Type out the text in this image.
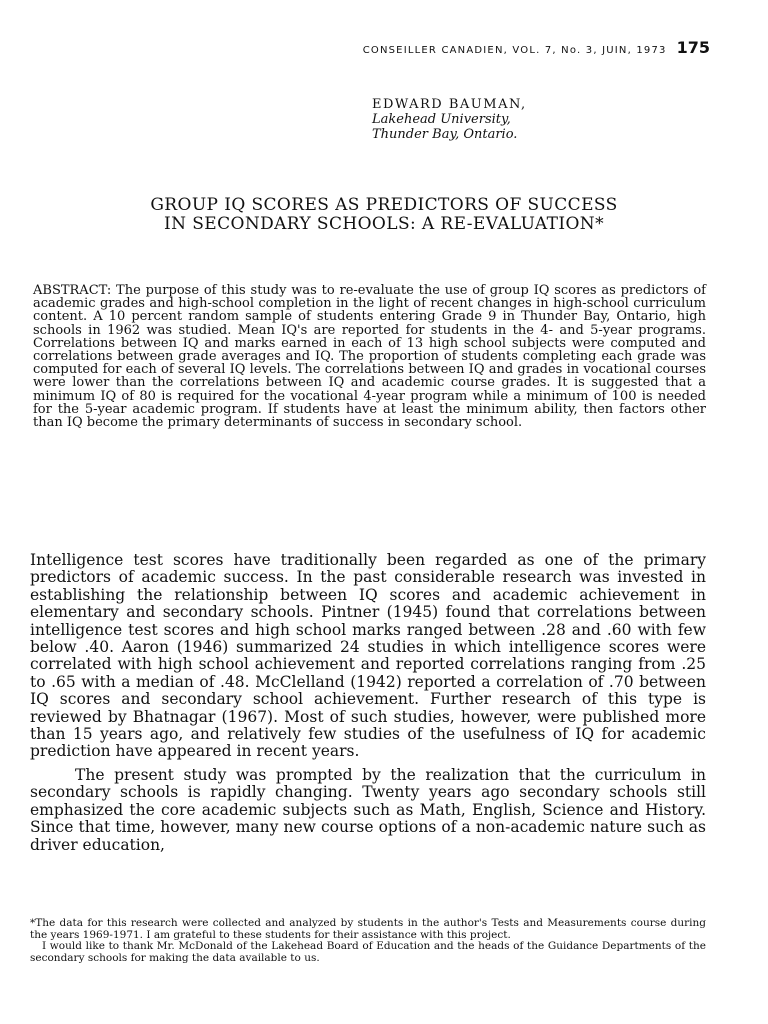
CONSEILLER CANADIEN, VOL. 7, No. 3, JUIN, 1973 175
EDWARD BAUMAN,
Lakehead University,
Thunder Bay, Ontario.
GROUP IQ SCORES AS PREDICTORS OF SUCCESS
IN SECONDARY SCHOOLS: A RE-EVALUATION*
ABSTRACT: The purpose of this study was to re-evaluate the use of group IQ scores as predictors of academic grades and high-school completion in the light of recent changes in high-school curriculum content. A 10 percent random sample of students entering Grade 9 in Thunder Bay, Ontario, high schools in 1962 was studied. Mean IQ's are reported for students in the 4- and 5-year programs. Correlations between IQ and marks earned in each of 13 high school subjects were computed and correlations between grade averages and IQ. The proportion of students completing each grade was computed for each of several IQ levels. The correlations between IQ and grades in vocational courses were lower than the correlations between IQ and academic course grades. It is suggested that a minimum IQ of 80 is required for the vocational 4-year program while a minimum of 100 is needed for the 5-year academic program. If students have at least the minimum ability, then factors other than IQ become the primary determinants of success in secondary school.

Intelligence test scores have traditionally been regarded as one of the primary predictors of academic success. In the past considerable research was invested in establishing the relationship between IQ scores and academic achievement in elementary and secondary schools. Pintner (1945) found that correlations between intelligence test scores and high school marks ranged between .28 and .60 with few below .40. Aaron (1946) summarized 24 studies in which intelligence scores were correlated with high school achievement and reported correlations ranging from .25 to .65 with a median of .48. McClelland (1942) reported a correlation of .70 between IQ scores and secondary school achievement. Further research of this type is reviewed by Bhatnagar (1967). Most of such studies, however, were published more than 15 years ago, and relatively few studies of the usefulness of IQ for academic prediction have appeared in recent years.

The present study was prompted by the realization that the curriculum in secondary schools is rapidly changing. Twenty years ago secondary schools still emphasized the core academic subjects such as Math, English, Science and History. Since that time, however, many new course options of a non-academic nature such as driver education,

*The data for this research were collected and analyzed by students in the author's Tests and Measurements course during the years 1969-1971. I am grateful to these students for their assistance with this project.

I would like to thank Mr. McDonald of the Lakehead Board of Education and the heads of the Guidance Departments of the secondary schools for making the data available to us.
